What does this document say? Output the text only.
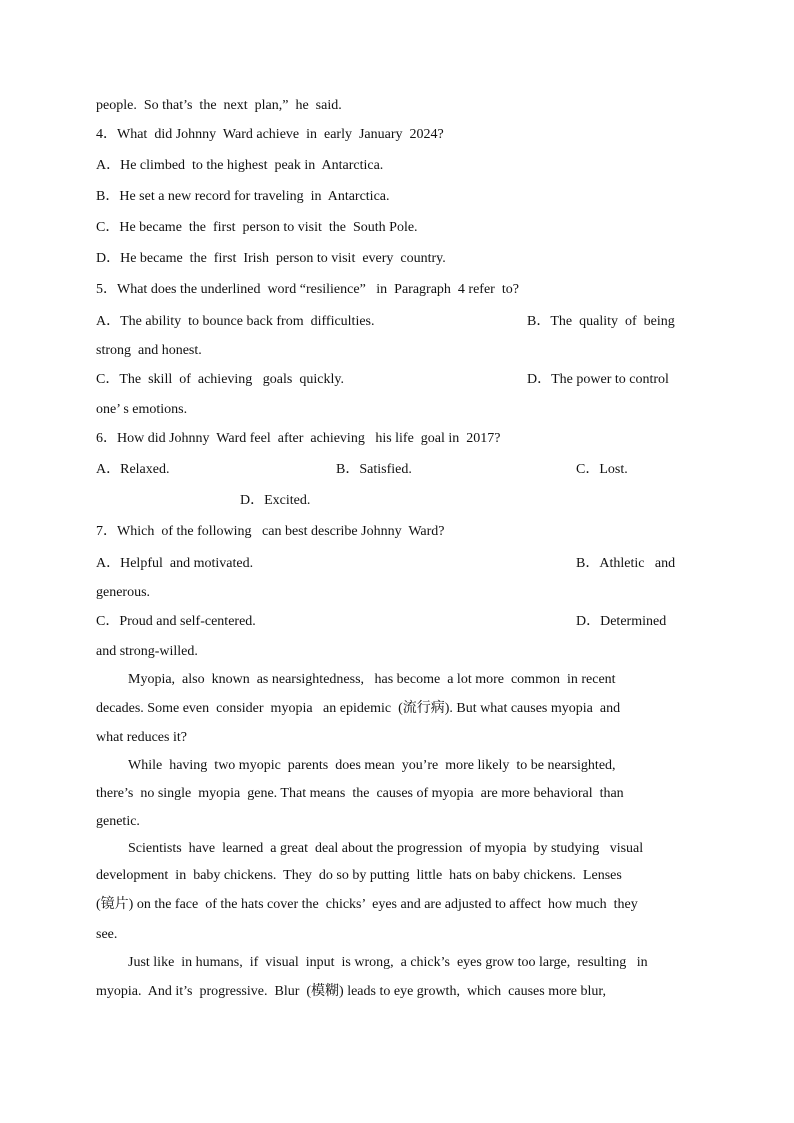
people.  So that’s  the  next  plan,”  he  said.
4．What  did Johnny  Ward achieve  in  early  January  2024?
A．He climbed  to the highest  peak in  Antarctica.
B．He set a new record for traveling  in  Antarctica.
C．He became  the  first  person to visit  the  South Pole.
D．He became  the  first  Irish  person to visit  every  country.
5．What does the underlined  word “resilience”   in  Paragraph  4 refer  to?
A．The ability  to bounce back from  difficulties.	B．The  quality  of  being
strong  and honest.
C．The  skill  of  achieving   goals  quickly.	D．The power to control
one’ s emotions.
6．How did Johnny  Ward feel  after  achieving   his life  goal in  2017?
A．Relaxed.	B．Satisfied.	C．Lost.
D．Excited.
7．Which  of the following   can best describe Johnny  Ward?
A．Helpful  and motivated.	B．Athletic   and
generous.
C．Proud and self-centered.	D．Determined
and strong-willed.
Myopia,  also  known  as nearsightedness,   has become  a lot more  common  in recent
decades. Some even  consider  myopia   an epidemic  (流行病). But what causes myopia  and
what reduces it?
While  having  two myopic  parents  does mean  you’re  more likely  to be nearsighted,
there’s  no single  myopia  gene. That means  the  causes of myopia  are more behavioral  than
genetic.
Scientists  have  learned  a great  deal about the progression  of myopia  by studying   visual
development  in  baby chickens.  They  do so by putting  little  hats on baby chickens.  Lenses
(镜片) on the face  of the hats cover the  chicks’  eyes and are adjusted to affect  how much  they
see.
Just like  in humans,  if  visual  input  is wrong,  a chick’s  eyes grow too large,  resulting   in
myopia.  And it’s  progressive.  Blur  (模糊) leads to eye growth,  which  causes more blur,
